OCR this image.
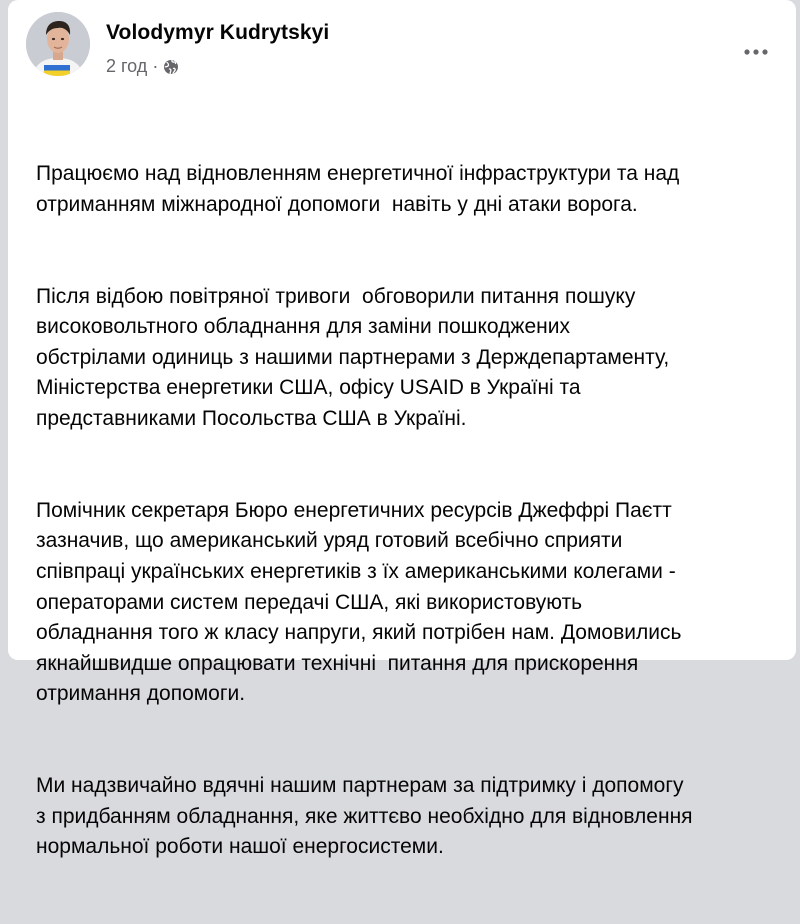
Volodymyr Kudrytskyi
2 год ·

Працюємо над відновленням енергетичної інфраструктури та над
отриманням міжнародної допомоги  навіть у дні атаки ворога.

Після відбою повітряної тривоги  обговорили питання пошуку
високовольтного обладнання для заміни пошкоджених
обстрілами одиниць з нашими партнерами з Держдепартаменту,
Міністерства енергетики США, офісу USAID в Україні та
представниками Посольства США в Україні.

Помічник секретаря Бюро енергетичних ресурсів Джеффрі Паєтт
зазначив, що американський уряд готовий всебічно сприяти
співпраці українських енергетиків з їх американськими колегами -
операторами систем передачі США, які використовують
обладнання того ж класу напруги, який потрібен нам. Домовились
якнайшвидше опрацювати технічні  питання для прискорення
отримання допомоги.

Ми надзвичайно вдячні нашим партнерам за підтримку і допомогу
з придбанням обладнання, яке життєво необхідно для відновлення
нормальної роботи нашої енергосистеми.
